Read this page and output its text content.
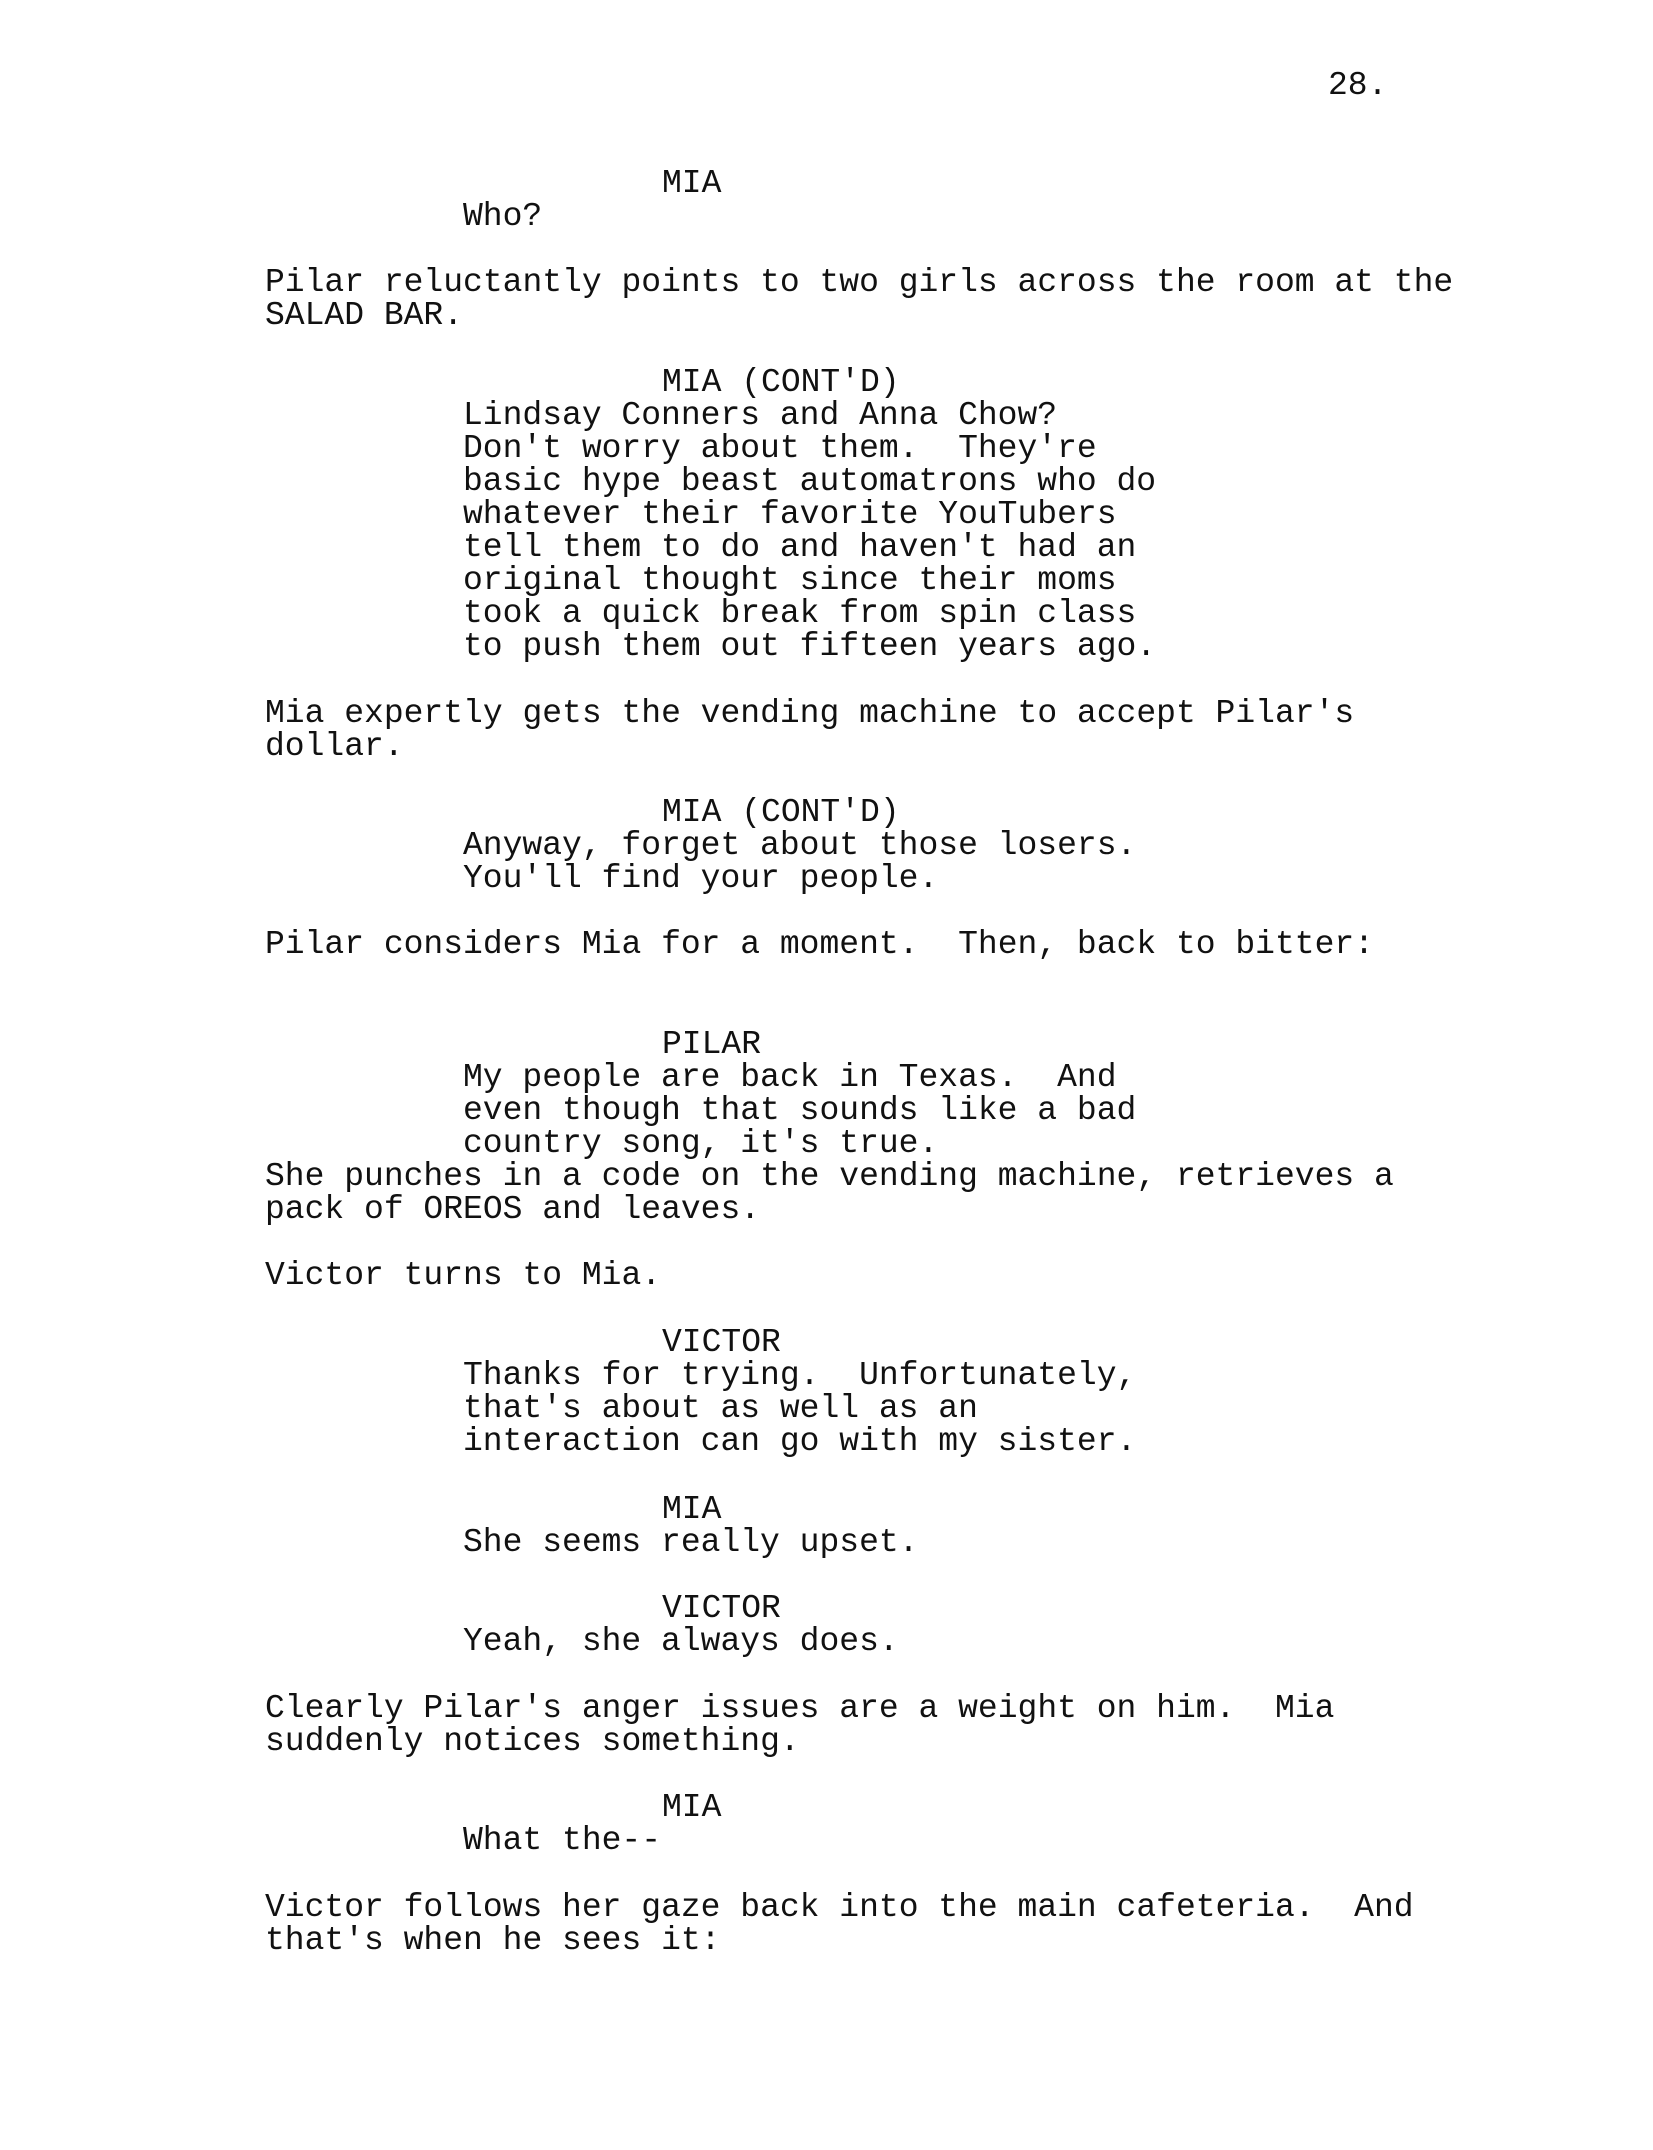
28.
MIA
Who?
Pilar reluctantly points to two girls across the room at the
SALAD BAR.
MIA (CONT'D)
Lindsay Conners and Anna Chow?
Don't worry about them.  They're
basic hype beast automatrons who do
whatever their favorite YouTubers
tell them to do and haven't had an
original thought since their moms
took a quick break from spin class
to push them out fifteen years ago.
Mia expertly gets the vending machine to accept Pilar's
dollar.
MIA (CONT'D)
Anyway, forget about those losers.
You'll find your people.
Pilar considers Mia for a moment.  Then, back to bitter:
PILAR
My people are back in Texas.  And
even though that sounds like a bad
country song, it's true.
She punches in a code on the vending machine, retrieves a
pack of OREOS and leaves.
Victor turns to Mia.
VICTOR
Thanks for trying.  Unfortunately,
that's about as well as an
interaction can go with my sister.
MIA
She seems really upset.
VICTOR
Yeah, she always does.
Clearly Pilar's anger issues are a weight on him.  Mia
suddenly notices something.
MIA
What the--
Victor follows her gaze back into the main cafeteria.  And
that's when he sees it:
